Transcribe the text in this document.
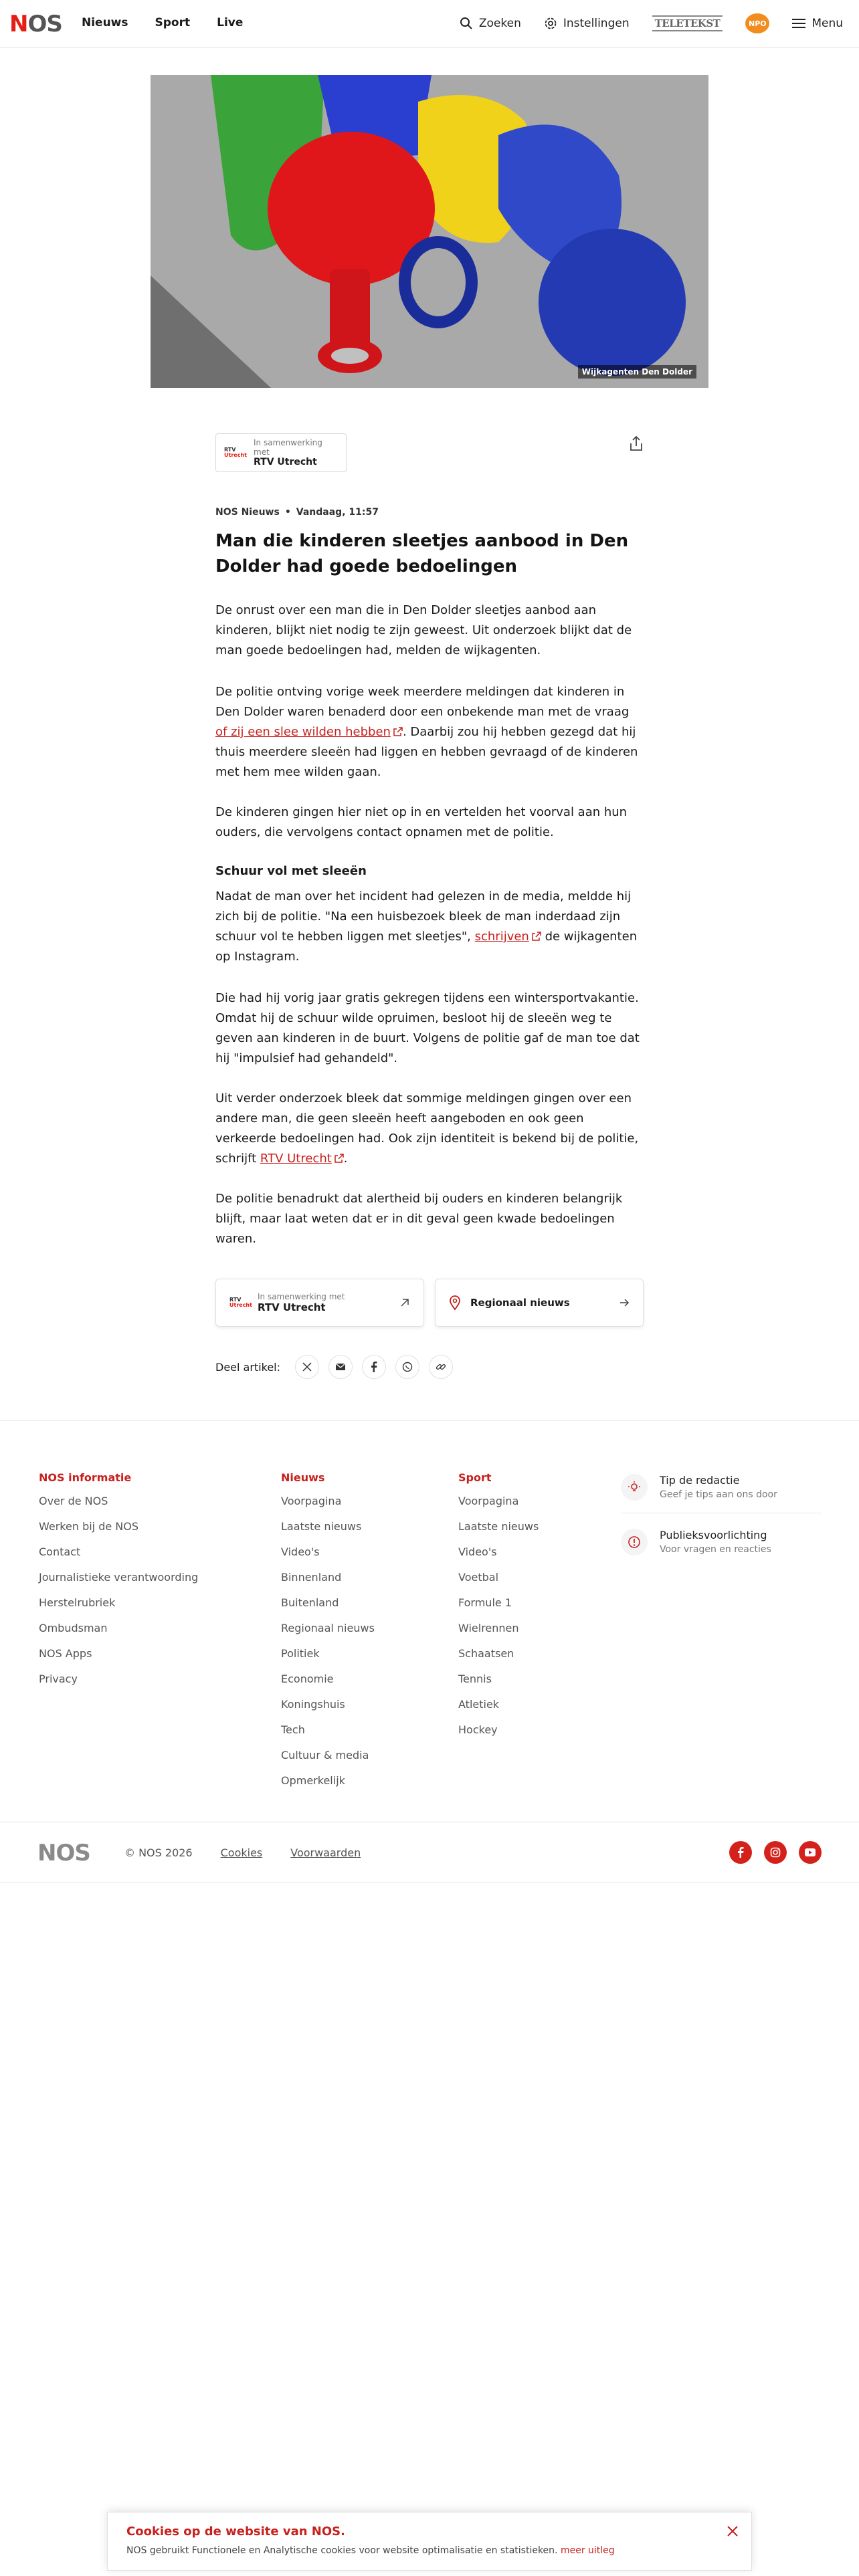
NOS Nieuws Sport Live	Zoeken	Instellingen	TELETEKST	NPO	Menu
Wijkagenten Den Dolder
RTV
Utrecht
In samenwerking met
RTV Utrecht
NOS Nieuws • Vandaag, 11:57
Man die kinderen sleetjes aanbood in Den Dolder had goede bedoelingen
De onrust over een man die in Den Dolder sleetjes aanbod aan kinderen, blijkt niet nodig te zijn geweest. Uit onderzoek blijkt dat de man goede bedoelingen had, melden de wijkagenten.
De politie ontving vorige week meerdere meldingen dat kinderen in Den Dolder waren benaderd door een onbekende man met de vraag of zij een slee wilden hebben . Daarbij zou hij hebben gezegd dat hij thuis meerdere sleeën had liggen en hebben gevraagd of de kinderen met hem mee wilden gaan.
De kinderen gingen hier niet op in en vertelden het voorval aan hun ouders, die vervolgens contact opnamen met de politie.
Schuur vol met sleeën
Nadat de man over het incident had gelezen in de media, meldde hij zich bij de politie. "Na een huisbezoek bleek de man inderdaad zijn schuur vol te hebben liggen met sleetjes", schrijven de wijkagenten op Instagram.
Die had hij vorig jaar gratis gekregen tijdens een wintersportvakantie. Omdat hij de schuur wilde opruimen, besloot hij de sleeën weg te geven aan kinderen in de buurt. Volgens de politie gaf de man toe dat hij "impulsief had gehandeld".
Uit verder onderzoek bleek dat sommige meldingen gingen over een andere man, die geen sleeën heeft aangeboden en ook geen verkeerde bedoelingen had. Ook zijn identiteit is bekend bij de politie, schrijft RTV Utrecht .
De politie benadrukt dat alertheid bij ouders en kinderen belangrijk blijft, maar laat weten dat er in dit geval geen kwade bedoelingen waren.
RTV
Utrecht
In samenwerking met
RTV Utrecht	Regionaal nieuws
Deel artikel:
NOS informatie
Over de NOS
Werken bij de NOS
Contact
Journalistieke verantwoording
Herstelrubriek
Ombudsman
NOS Apps
Privacy
Nieuws
Voorpagina
Laatste nieuws
Video's
Binnenland
Buitenland
Regionaal nieuws
Politiek
Economie
Koningshuis
Tech
Cultuur & media
Opmerkelijk
Sport
Voorpagina
Laatste nieuws
Video's
Voetbal
Formule 1
Wielrennen
Schaatsen
Tennis
Atletiek
Hockey
Tip de redactie
Geef je tips aan ons door
Publieksvoorlichting
Voor vragen en reacties
NOS	© NOS 2026	Cookies	Voorwaarden
Cookies op de website van NOS.
NOS gebruikt Functionele en Analytische cookies voor website optimalisatie en statistieken. meer uitleg
